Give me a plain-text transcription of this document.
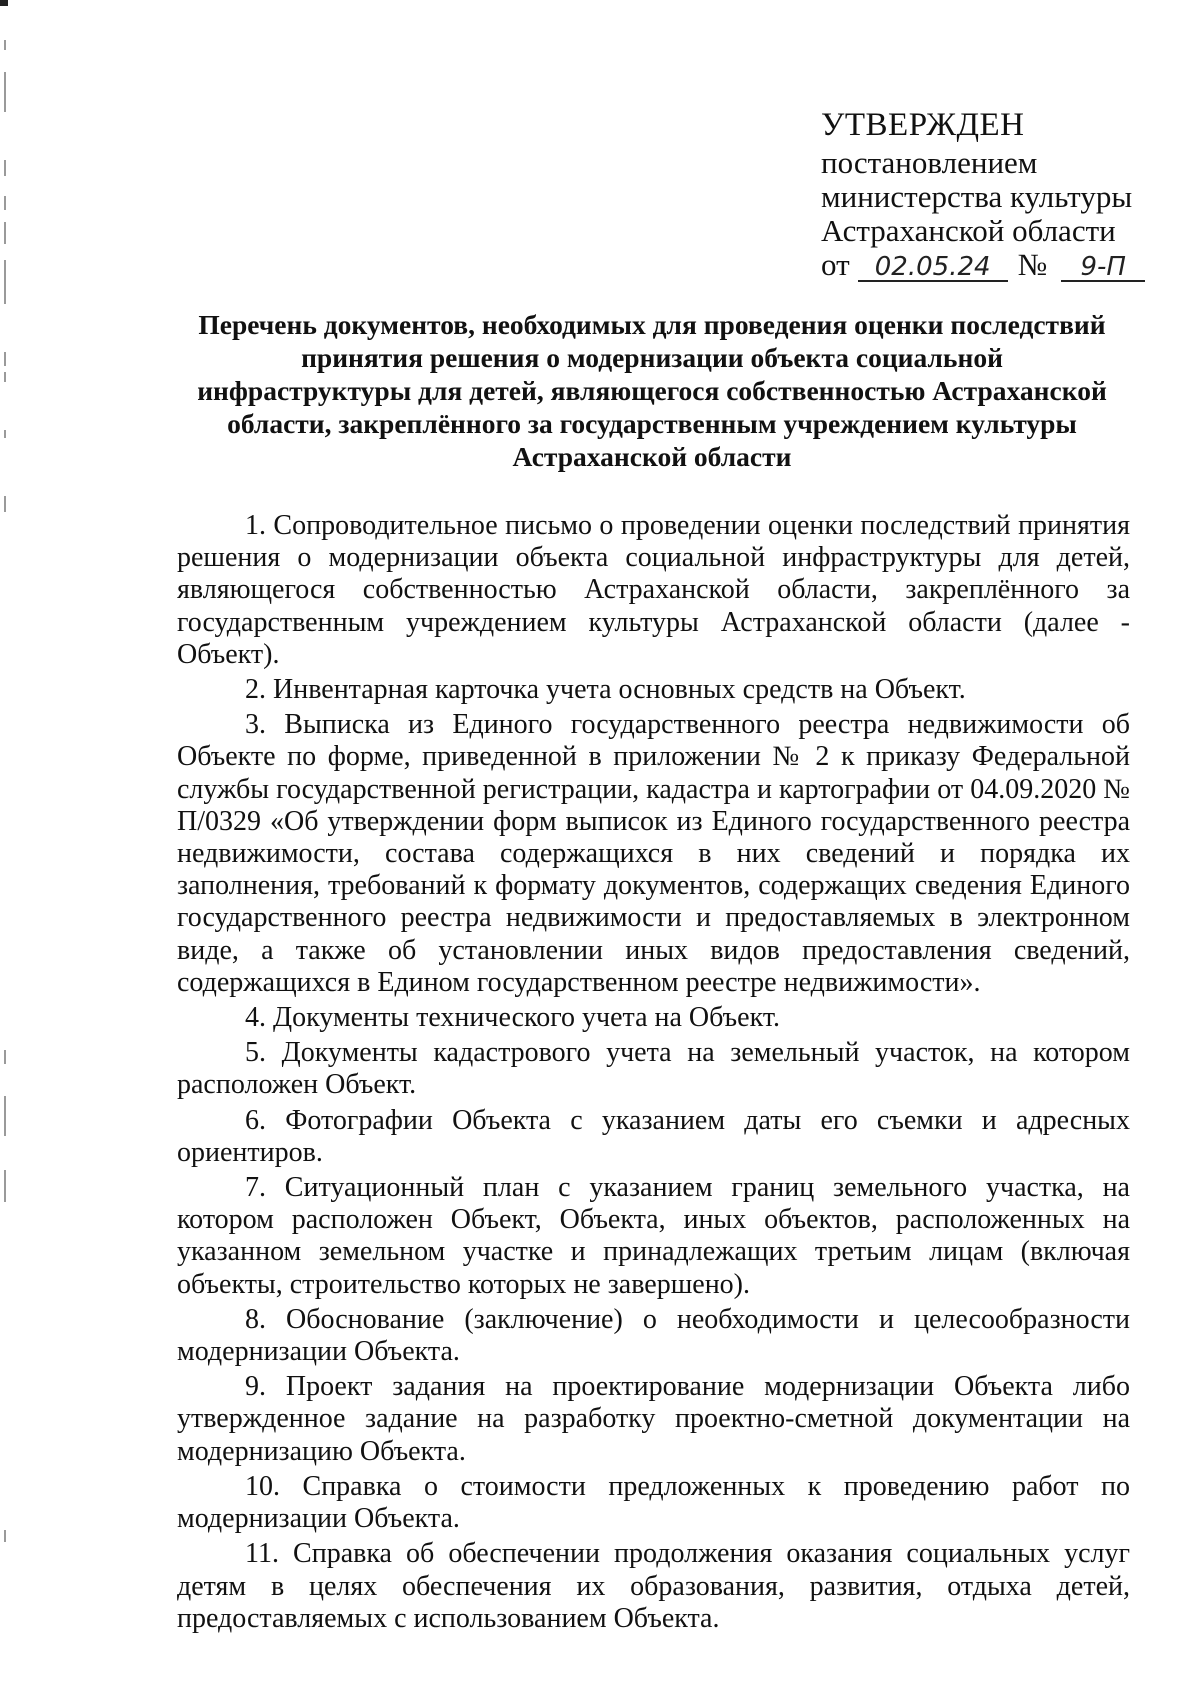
УТВЕРЖДЕН
постановлением
министерства культуры
Астраханской области
от 02.05.24 №	9-П
Перечень документов, необходимых для проведения оценки последствий
принятия решения о модернизации объекта социальной
инфраструктуры для детей, являющегося собственностью Астраханской
области, закреплённого за государственным учреждением культуры
Астраханской области

1. Сопроводительное письмо о проведении оценки последствий принятия решения о модернизации объекта социальной инфраструктуры для детей, являющегося собственностью Астраханской области, закреплённого за государственным учреждением культуры Астраханской области (далее - Объект).

2. Инвентарная карточка учета основных средств на Объект.

3. Выписка из Единого государственного реестра недвижимости об Объекте по форме, приведенной в приложении № 2 к приказу Федеральной службы государственной регистрации, кадастра и картографии от 04.09.2020 № П/0329 «Об утверждении форм выписок из Единого государственного реестра недвижимости, состава содержащихся в них сведений и порядка их заполнения, требований к формату документов, содержащих сведения Единого государственного реестра недвижимости и предоставляемых в электронном виде, а также об установлении иных видов предоставления сведений, содержащихся в Едином государственном реестре недвижимости».

4. Документы технического учета на Объект.

5. Документы кадастрового учета на земельный участок, на котором расположен Объект.

6. Фотографии Объекта с указанием даты его съемки и адресных ориентиров.

7. Ситуационный план с указанием границ земельного участка, на котором расположен Объект, Объекта, иных объектов, расположенных на указанном земельном участке и принадлежащих третьим лицам (включая объекты, строительство которых не завершено).

8. Обоснование (заключение) о необходимости и целесообразности модернизации Объекта.

9. Проект задания на проектирование модернизации Объекта либо утвержденное задание на разработку проектно-сметной документации на модернизацию Объекта.

10. Справка о стоимости предложенных к проведению работ по модернизации Объекта.

11. Справка об обеспечении продолжения оказания социальных услуг детям в целях обеспечения их образования, развития, отдыха детей, предоставляемых с использованием Объекта.
